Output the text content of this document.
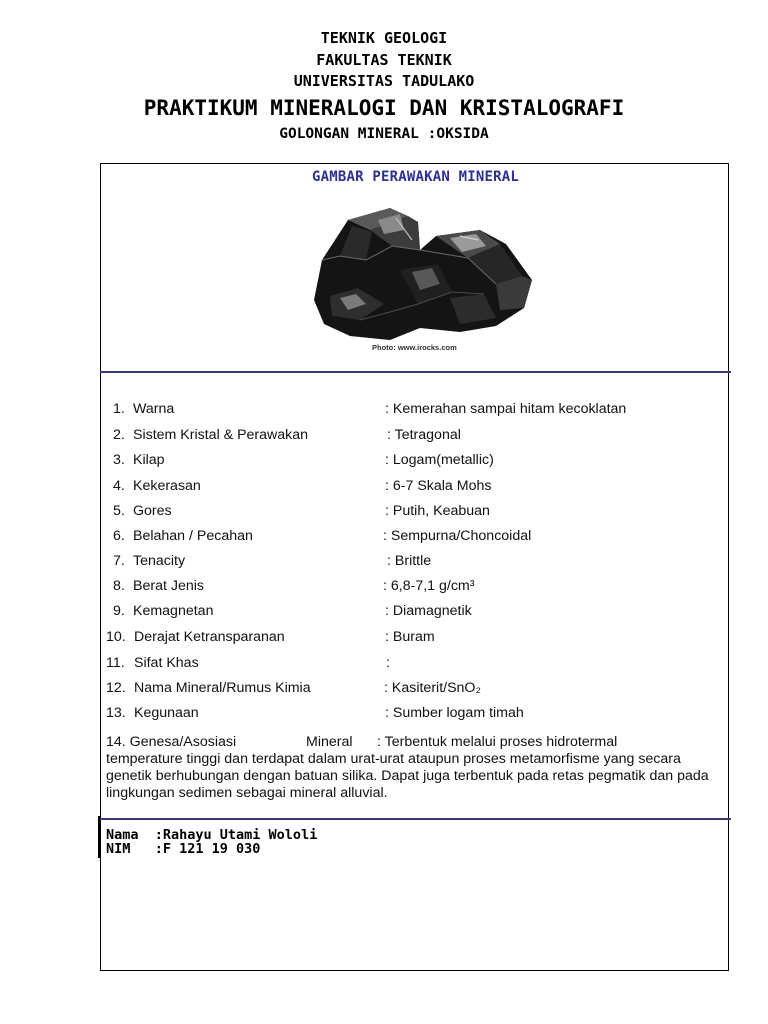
TEKNIK GEOLOGI
FAKULTAS TEKNIK
UNIVERSITAS TADULAKO
PRAKTIKUM MINERALOGI DAN KRISTALOGRAFI
GOLONGAN MINERAL :OKSIDA
GAMBAR PERAWAKAN MINERAL
Photo: www.irocks.com
1. Warna	: Kemerahan sampai hitam kecoklatan
2. Sistem Kristal & Perawakan	: Tetragonal
3. Kilap	: Logam(metallic)
4. Kekerasan	: 6-7 Skala Mohs
5. Gores	: Putih, Keabuan
6. Belahan / Pecahan	: Sempurna/Choncoidal
7. Tenacity	: Brittle
8. Berat Jenis	: 6,8-7,1 g/cm³
9. Kemagnetan	: Diamagnetik
10. Derajat Ketransparanan	: Buram
11. Sifat Khas	:
12. Nama Mineral/Rumus Kimia	: Kasiterit/SnO₂
13. Kegunaan	: Sumber logam timah
14. Genesa/Asosiasi	Mineral : Terbentuk melalui proses hidrotermal
temperature tinggi dan terdapat dalam urat-urat ataupun proses metamorfisme yang secara genetik berhubungan dengan batuan silika. Dapat juga terbentuk pada retas pegmatik dan pada lingkungan sedimen sebagai mineral alluvial.
Nama  :Rahayu Utami Wololi
NIM   :F 121 19 030
